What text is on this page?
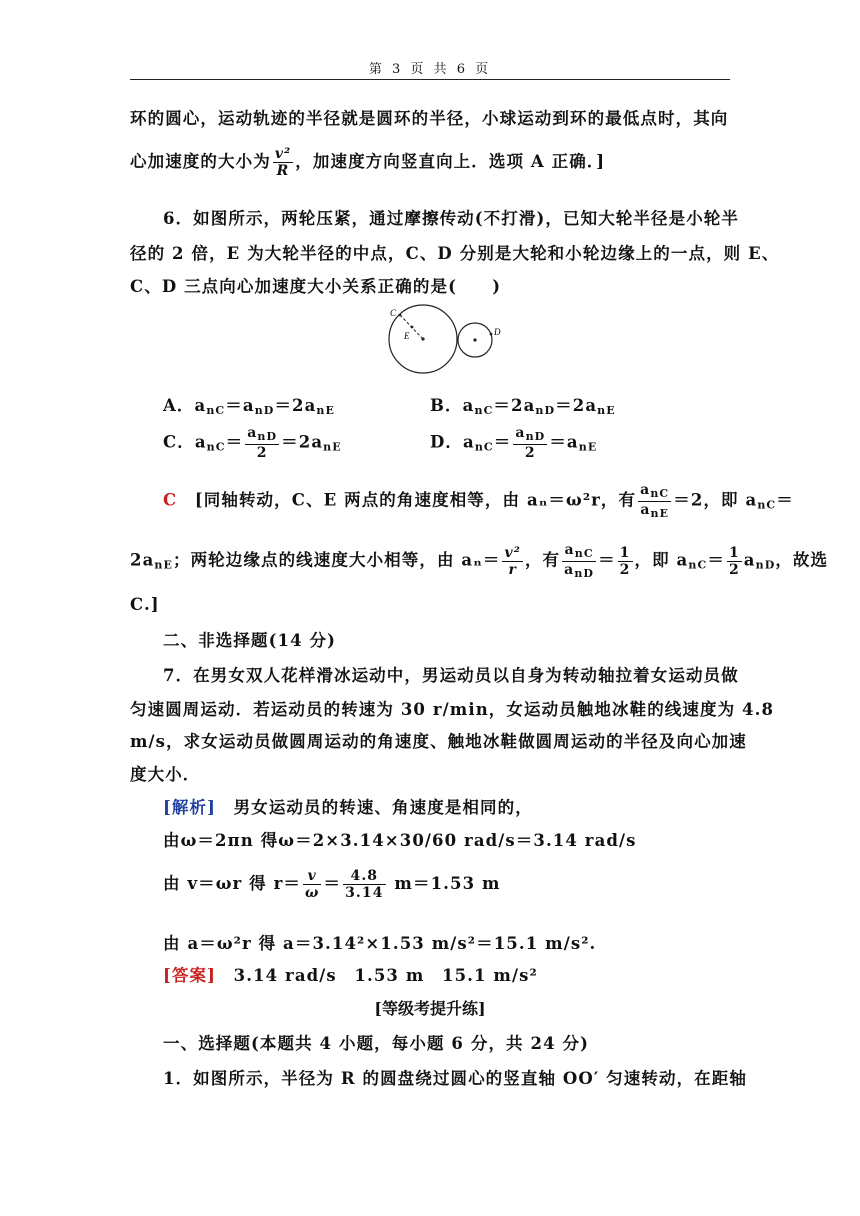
第 3 页 共 6 页
环的圆心，运动轨迹的半径就是圆环的半径，小球运动到环的最低点时，其向
心加速度的大小为 $\frac{\text{v²}}{R}$ ，加速度方向竖直向上．选项 A 正确．]
6．如图所示，两轮压紧，通过摩擦传动(不打滑)，已知大轮半径是小轮半
径的 2 倍，E 为大轮半径的中点，C、D 分别是大轮和小轮边缘上的一点，则 E、
C、D 三点向心加速度大小关系正确的是(　　)
C
E	D
A．$a_{nC}=a_{nD}=2a_{nE}$	B．$a_{nC}=2a_{nD}=2a_{nE}$
C．$a_{nC}= \frac{a_{nD}}{2} =2a_{nE}$	D．$a_{nC}= \frac{a_{nD}}{2} =a_{nE}$
C　 [同轴转动，C、E 两点的角速度相等，由 aₙ＝ω²r，有 $\frac{a_{nC}}{a_{nE}} =2$，即 $a_{nC}=$
$2a_{nE}$；两轮边缘点的线速度大小相等，由 $a_n= \frac{\text{v²}}{r}$ ，有 $\frac{a_{nC}}{a_{nD}} = \frac{1}{2}$ ，即 $a_{nC}= \frac{1}{2} a_{nD}$，故选
C.]
二、非选择题(14 分)
7．在男女双人花样滑冰运动中，男运动员以自身为转动轴拉着女运动员做
匀速圆周运动．若运动员的转速为 30 r/min，女运动员触地冰鞋的线速度为 4.8
m/s，求女运动员做圆周运动的角速度、触地冰鞋做圆周运动的半径及向心加速
度大小．
[解析]　 男女运动员的转速、角速度是相同的，
由ω＝2πn 得ω＝2×3.14×30/60 rad/s＝3.14 rad/s
由 v＝ωr 得 $r= \frac{v}{\omega} = \frac{4.8}{3.14} m=1.53$ m
由 a＝ω²r 得 a＝3.14²×1.53 m/s²＝15.1 m/s².
[答案]　 3.14 rad/s　1.53 m　15.1 m/s²
[等级考提升练]
一、选择题(本题共 4 小题，每小题 6 分，共 24 分)
1．如图所示，半径为 R 的圆盘绕过圆心的竖直轴 OO′ 匀速转动，在距轴
